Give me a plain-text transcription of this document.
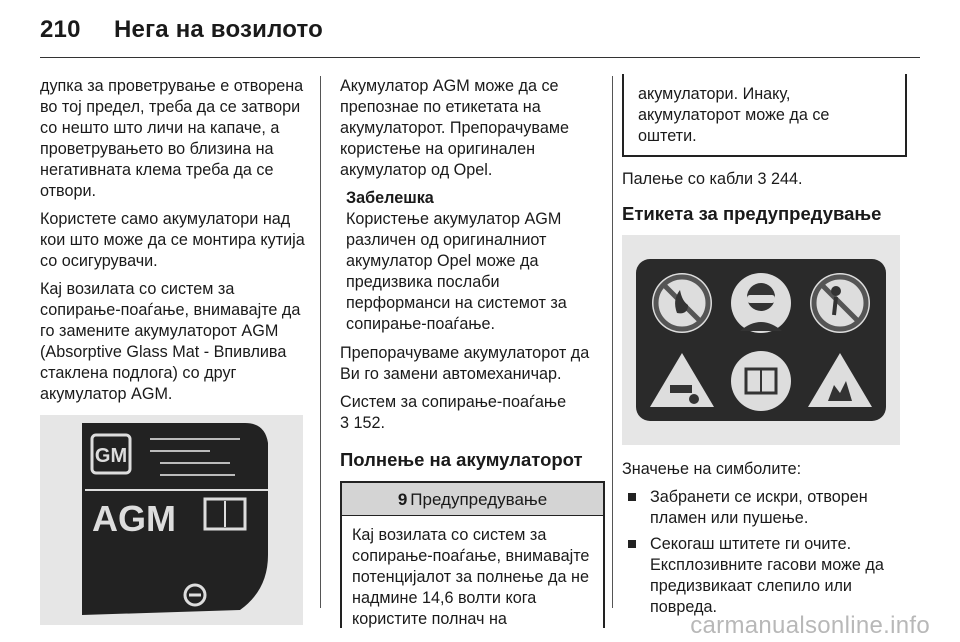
210 Нега на возилото

дупка за проветрување е отворена во тој предел, треба да се затвори со нешто што личи на капаче, а проветрувањето во близина на негативната клема треба да се отвори.

Користете само акумулатори над кои што може да се монтира кутија со осигурувачи.

Кај возилата со систем за сопирање-поаѓање, внимавајте да го замените акумулаторот AGM (Absorptive Glass Mat - Впивлива стаклена подлога) со друг акумулатор AGM.

GM
AGM

Акумулатор AGM може да се препознае по етикетата на акумулаторот. Препорачуваме користење на оригинален акумулатор од Opel.

Забелешка
Користење акумулатор AGM различен од оригиналниот акумулатор Opel може да предизвика послаби перформанси на системот за сопирање-поаѓање.

Препорачуваме акумулаторот да Ви го замени автомеханичар.

Систем за сопирање-поаѓање
3 152.

Полнење на акумулаторот
9 Предупредување
Кај возилата со систем за сопирање-поаѓање, внимавајте потенцијалот за полнење да не надмине 14,6 волти кога користите полнач на
акумулатори. Инаку, акумулаторот може да се оштети.

Палење со кабли 3 244.

Етикета за предупредување

Значење на симболите:

Забранети се искри, отворен пламен или пушење.
Секогаш штитете ги очите. Експлозивните гасови може да предизвикаат слепило или повреда.
carmanualsonline.info
